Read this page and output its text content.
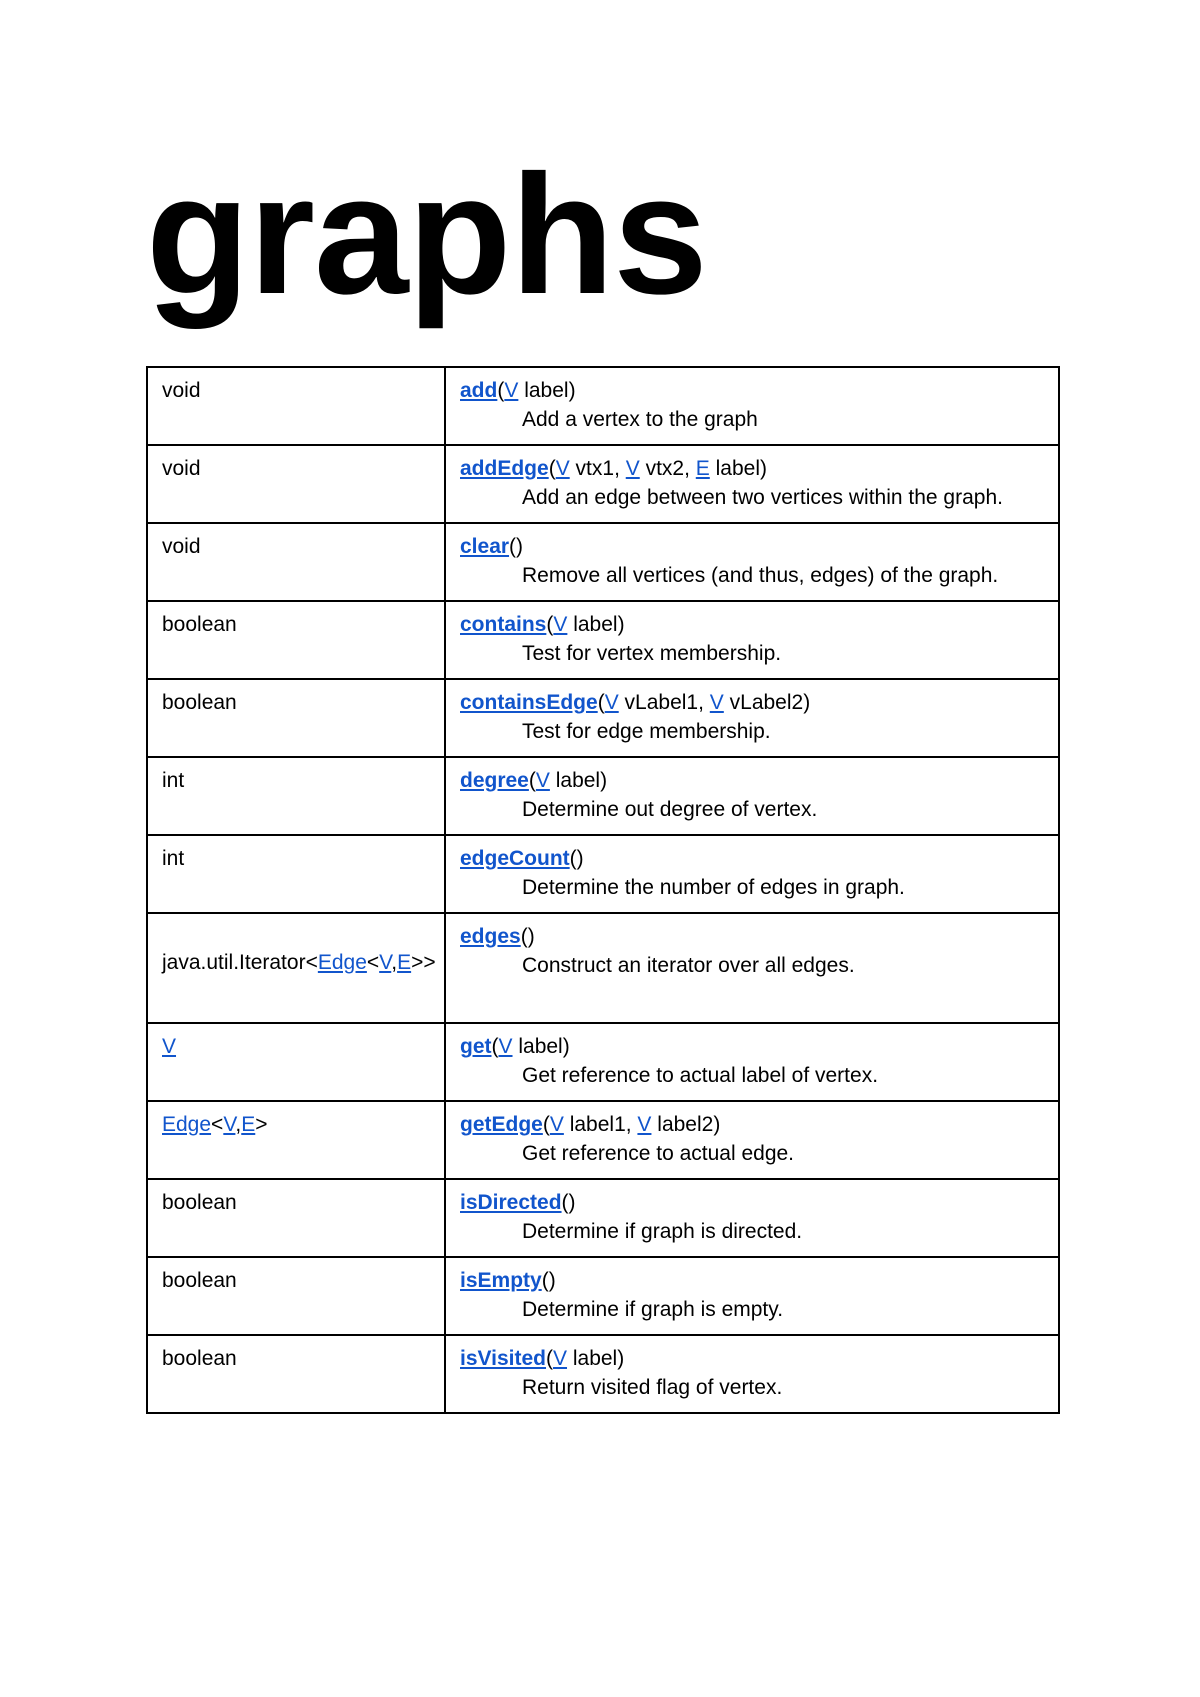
graphs
void	add(V label)
Add a vertex to the graph

void	addEdge(V vtx1, V vtx2, E label)
Add an edge between two vertices within the graph.

void	clear()
Remove all vertices (and thus, edges) of the graph.

boolean	contains(V label)
Test for vertex membership.

boolean	containsEdge(V vLabel1, V vLabel2)
Test for edge membership.

int	degree(V label)
Determine out degree of vertex.

int	edgeCount()
Determine the number of edges in graph.

java.util.Iterator<Edge<V,E>>	edges()
Construct an iterator over all edges.

V	get(V label)
Get reference to actual label of vertex.

Edge<V,E>	getEdge(V label1, V label2)
Get reference to actual edge.

boolean	isDirected()
Determine if graph is directed.

boolean	isEmpty()
Determine if graph is empty.

boolean	isVisited(V label)
Return visited flag of vertex.
